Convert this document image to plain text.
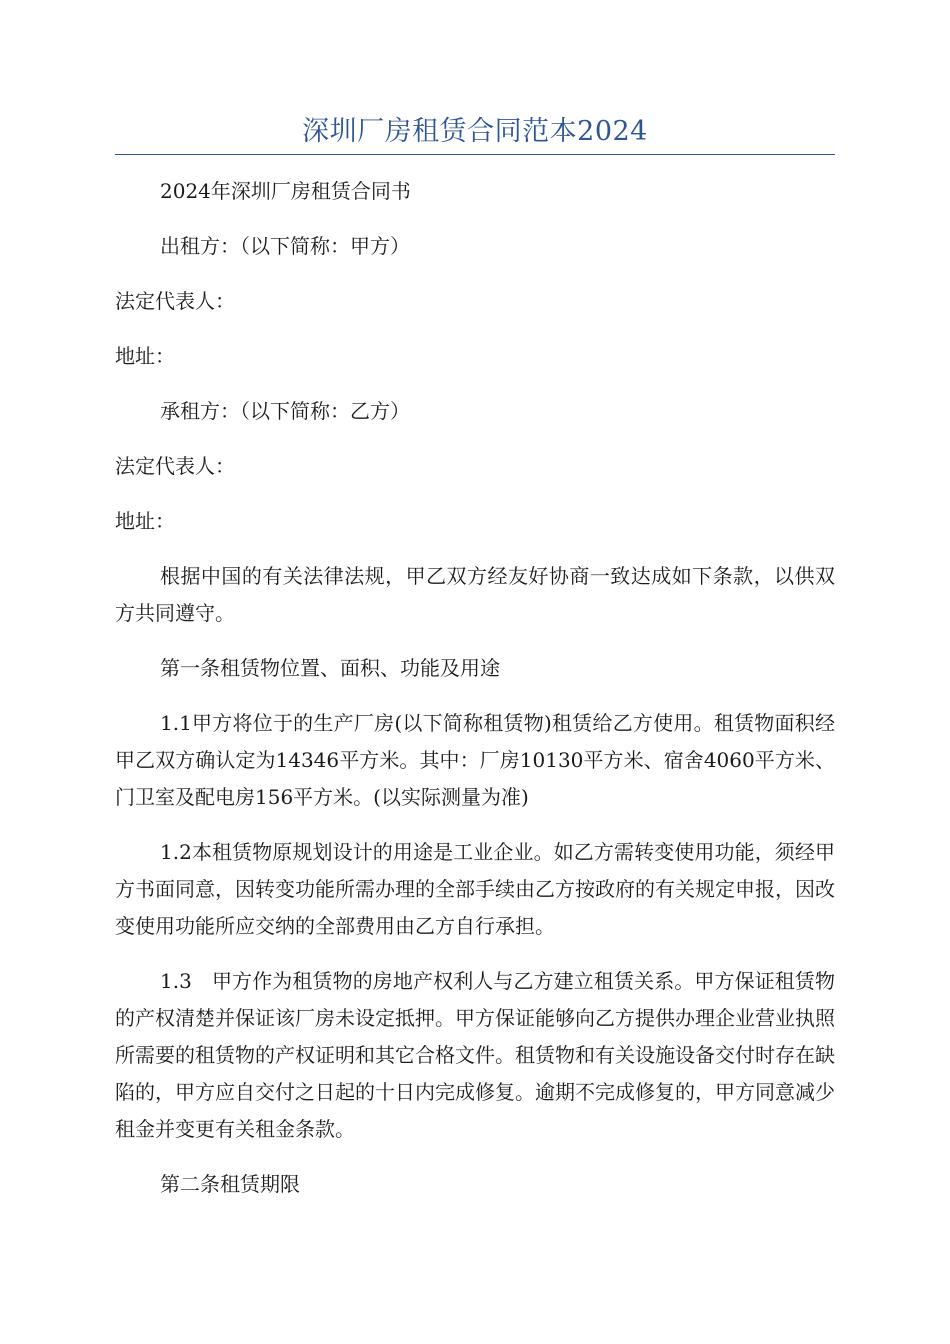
深圳厂房租赁合同范本2024

2024年深圳厂房租赁合同书

出租方：（以下简称：甲方）

法定代表人：

地址：

承租方：（以下简称：乙方）

法定代表人：

地址：

根据中国的有关法律法规，甲乙双方经友好协商一致达成如下条款，以供双方共同遵守。

第一条租赁物位置、面积、功能及用途

1.1甲方将位于的生产厂房(以下简称租赁物)租赁给乙方使用。租赁物面积经甲乙双方确认定为14346平方米。其中：厂房10130平方米、宿舍4060平方米、门卫室及配电房156平方米。(以实际测量为准)

1.2本租赁物原规划设计的用途是工业企业。如乙方需转变使用功能，须经甲方书面同意，因转变功能所需办理的全部手续由乙方按政府的有关规定申报，因改变使用功能所应交纳的全部费用由乙方自行承担。

1.3　甲方作为租赁物的房地产权利人与乙方建立租赁关系。甲方保证租赁物的产权清楚并保证该厂房未设定抵押。甲方保证能够向乙方提供办理企业营业执照所需要的租赁物的产权证明和其它合格文件。租赁物和有关设施设备交付时存在缺陷的，甲方应自交付之日起的十日内完成修复。逾期不完成修复的，甲方同意减少租金并变更有关租金条款。

第二条租赁期限
